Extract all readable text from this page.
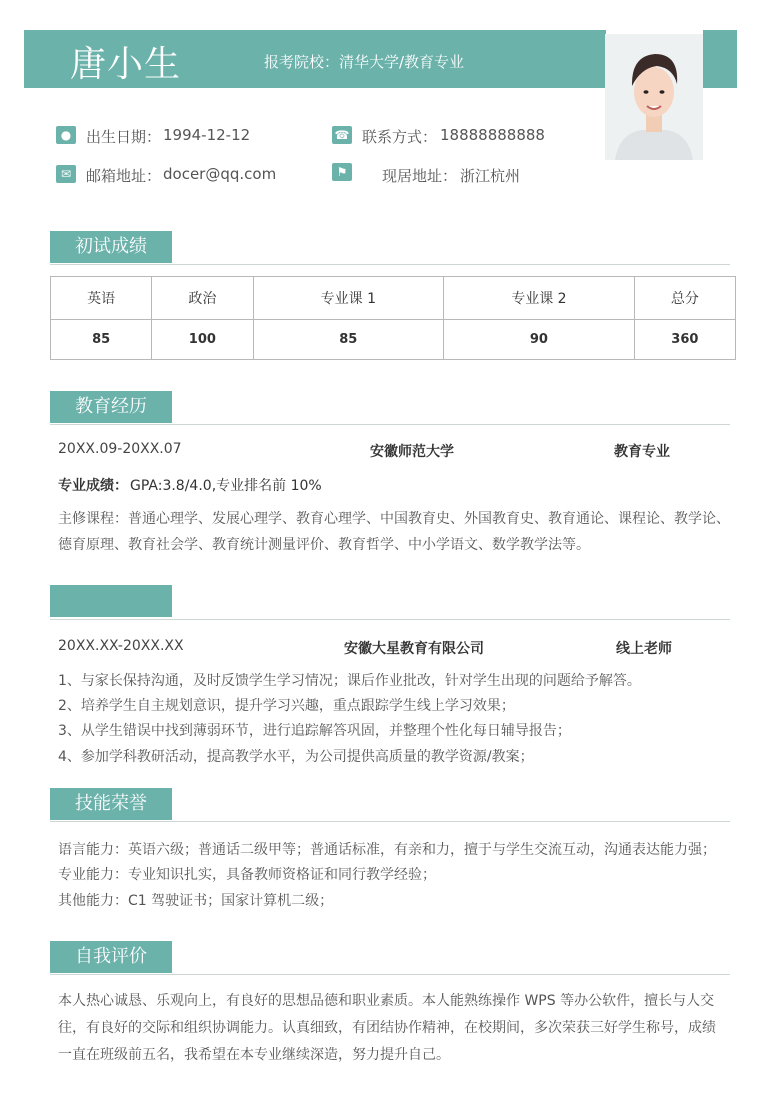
唐小生	报考院校：清华大学/教育专业
● 出生日期： 1994-12-12	☎ 联系方式： 18888888888
✉ 邮箱地址： docer@qq.com	⚑	现居地址： 浙江杭州
初试成绩
英语	政治	专业课 1	专业课 2	总分
85	100	85	90	360
教育经历
20XX.09-20XX.07	安徽师范大学	教育专业
专业成绩： GPA:3.8/4.0,专业排名前 10%
主修课程：普通心理学、发展心理学、教育心理学、中国教育史、外国教育史、教育通论、课程论、教学论、
德育原理、教育社会学、教育统计测量评价、教育哲学、中小学语文、数学教学法等。
20XX.XX-20XX.XX	安徽大星教育有限公司	线上老师
1、与家长保持沟通，及时反馈学生学习情况；课后作业批改，针对学生出现的问题给予解答。
2、培养学生自主规划意识，提升学习兴趣，重点跟踪学生线上学习效果；
3、从学生错误中找到薄弱环节，进行追踪解答巩固，并整理个性化每日辅导报告；
4、参加学科教研活动，提高教学水平，为公司提供高质量的教学资源/教案；
技能荣誉
语言能力：英语六级；普通话二级甲等；普通话标准，有亲和力，擅于与学生交流互动，沟通表达能力强；
专业能力：专业知识扎实，具备教师资格证和同行教学经验；
其他能力：C1 驾驶证书；国家计算机二级；
自我评价
本人热心诚恳、乐观向上，有良好的思想品德和职业素质。本人能熟练操作 WPS 等办公软件，擅长与人交
往，有良好的交际和组织协调能力。认真细致，有团结协作精神，在校期间，多次荣获三好学生称号，成绩
一直在班级前五名，我希望在本专业继续深造，努力提升自己。
